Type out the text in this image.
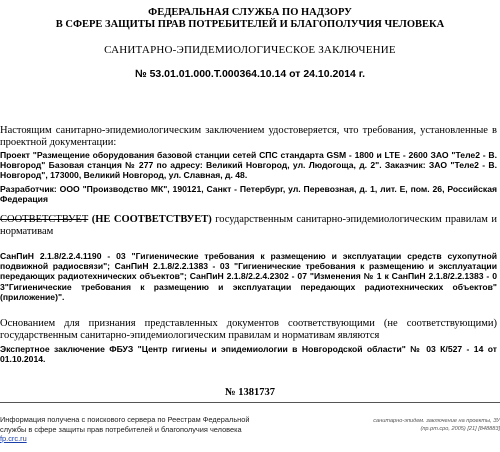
ФЕДЕРАЛЬНАЯ СЛУЖБА ПО НАДЗОРУ
В СФЕРЕ ЗАЩИТЫ ПРАВ ПОТРЕБИТЕЛЕЙ И БЛАГОПОЛУЧИЯ ЧЕЛОВЕКА
САНИТАРНО-ЭПИДЕМИОЛОГИЧЕСКОЕ ЗАКЛЮЧЕНИЕ
№ 53.01.01.000.Т.000364.10.14 от 24.10.2014 г.
Настоящим санитарно-эпидемиологическим заключением удостоверяется, что требования, установленные в проектной документации:
Проект "Размещение оборудования базовой станции сетей СПС стандарта GSM - 1800 и LTE - 2600 ЗАО "Теле2 - В. Новгород" Базовая станция № 277 по адресу: Великий Новгород, ул. Людогоща, д. 2". Заказчик: ЗАО "Теле2 - В. Новгород", 173000, Великий Новгород, ул. Славная, д. 48.
Разработчик: ООО "Производство МК", 190121, Санкт - Петербург, ул. Перевозная, д. 1, лит. Е, пом. 26, Российская Федерация
СООТВЕТСТВУЕТ (НЕ СООТВЕТСТВУЕТ) государственным санитарно-эпидемиологическим правилам и нормативам
СанПиН 2.1.8/2.2.4.1190 - 03 "Гигиенические требования к размещению и эксплуатации средств сухопутной подвижной радиосвязи"; СанПиН 2.1.8/2.2.1383 - 03 "Гигиенические требования к размещению и эксплуатации передающих радиотехнических объектов"; СанПиН 2.1.8/2.2.4.2302 - 07 "Изменения № 1 к СанПиН 2.1.8/2.2.1383 - 0 3"Гигиенические требования к размещению и эксплуатации передающих радиотехнических объектов" (приложение)".
Основанием для признания представленных документов соответствующими (не соответствующими) государственным санитарно-эпидемиологическим правилам и нормативам являются
Экспертное заключение ФБУЗ "Центр гигиены и эпидемиологии в Новгородской области" № 03 К/527 - 14 от 01.10.2014.
№ 1381737
Информация получена с поискового сервера по Реестрам Федеральной службы в сфере защиты прав потребителей и благополучия человека fp.crc.ru
санитарно-эпидем. заключение на проекты, ЗУ
(пр.рт.сро, 2005) [21] [848883]
